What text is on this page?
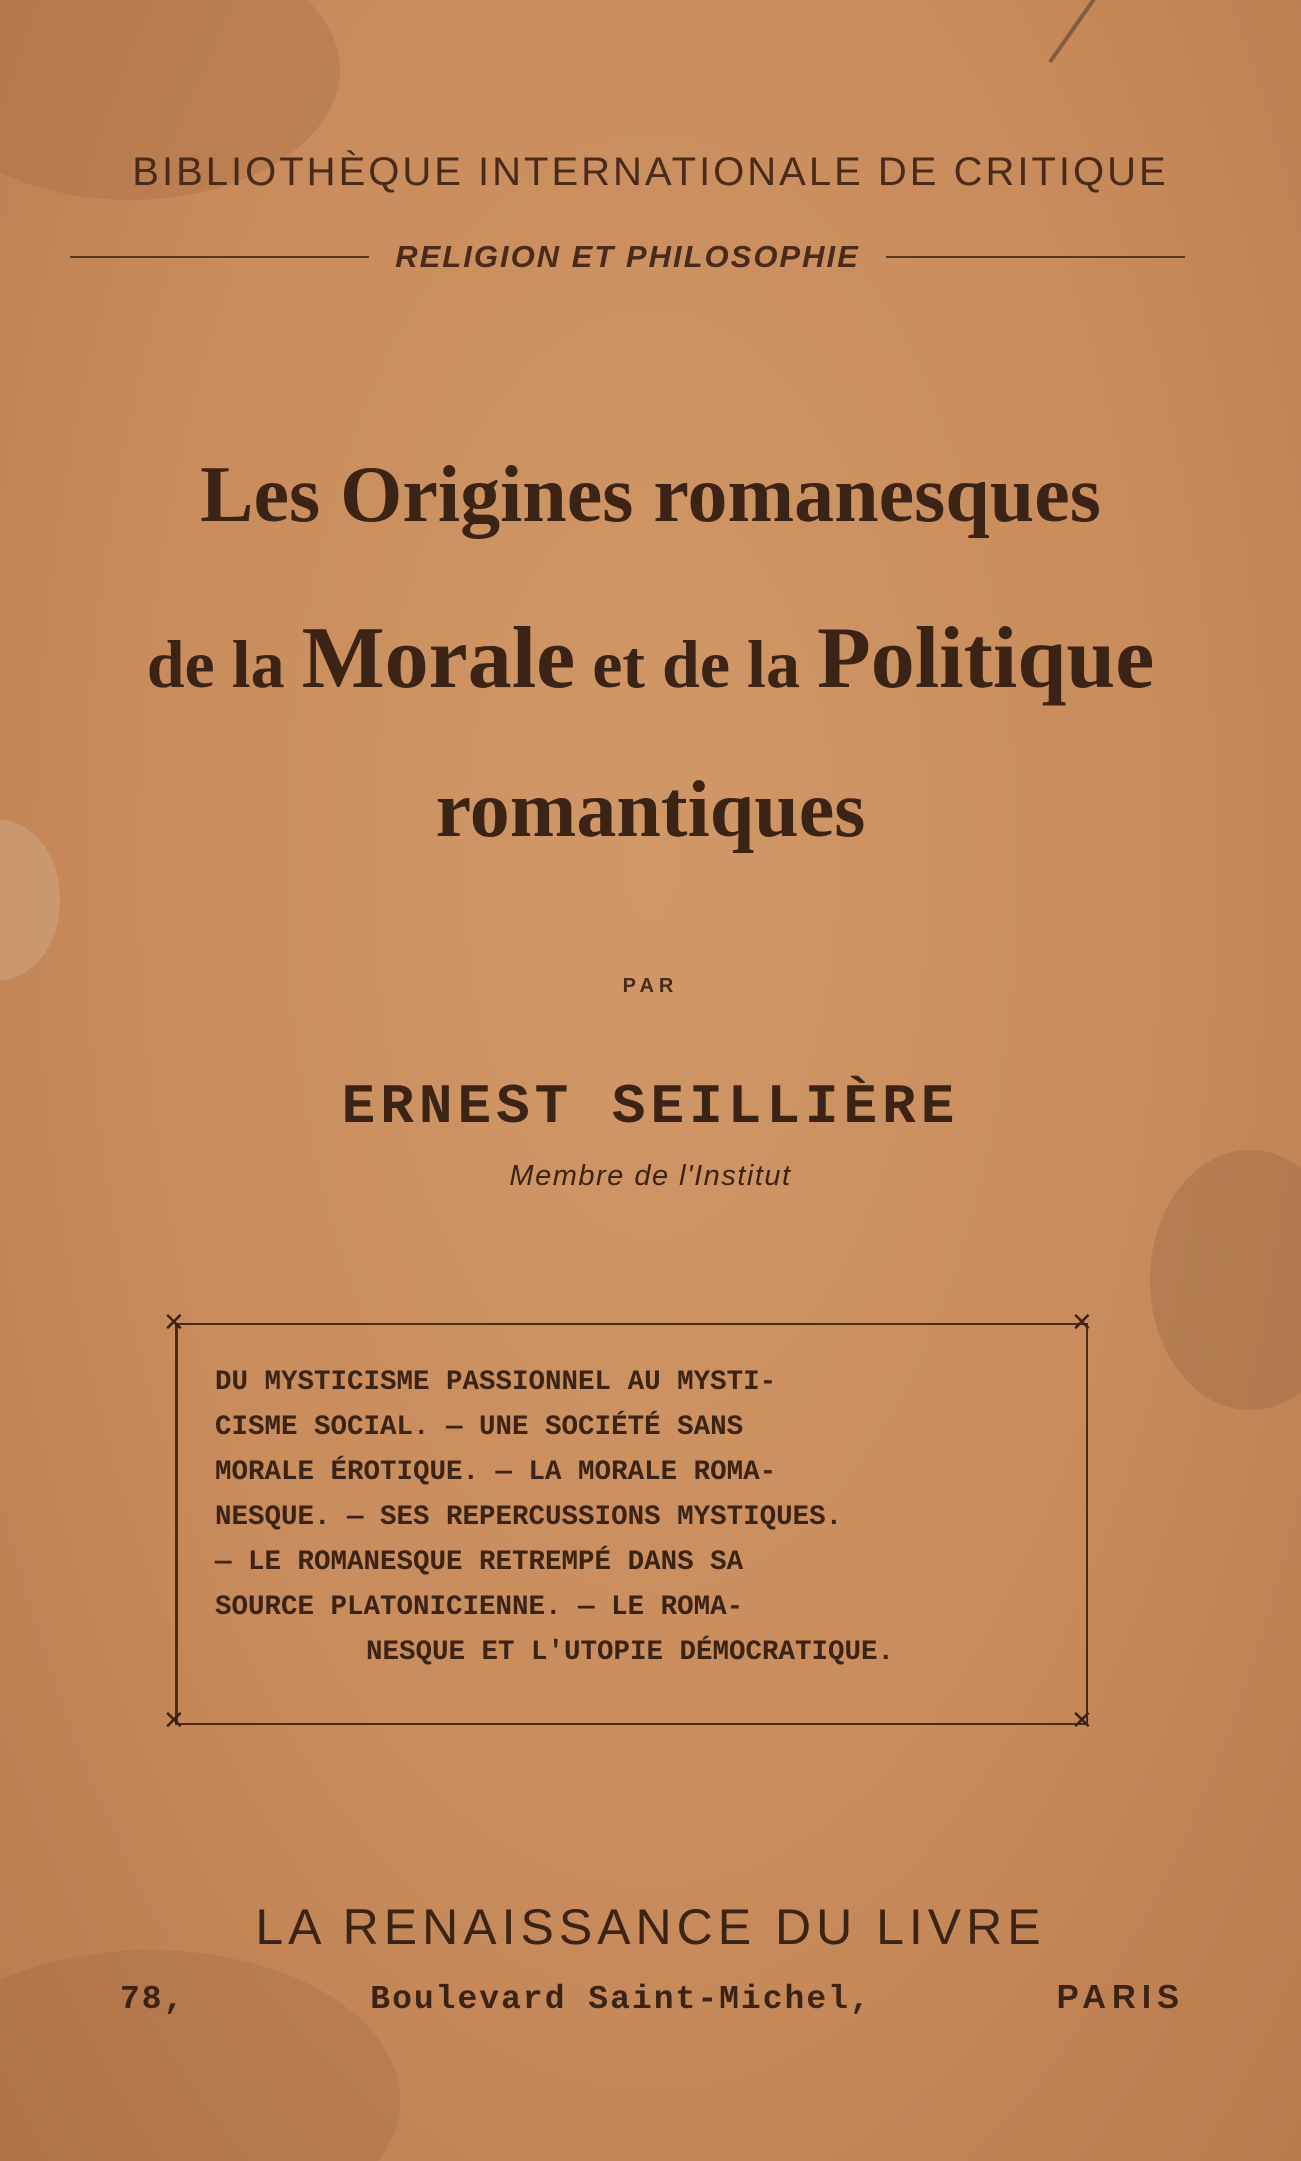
BIBLIOTHÈQUE INTERNATIONALE DE CRITIQUE
RELIGION ET PHILOSOPHIE
Les Origines romanesques
de la Morale et de la Politique
romantiques
PAR
ERNEST SEILLIÈRE
Membre de l'Institut
✕	✕
✕	✕
DU MYSTICISME PASSIONNEL AU MYSTI-
CISME SOCIAL. — UNE SOCIÉTÉ SANS
MORALE ÉROTIQUE. — LA MORALE ROMA-
NESQUE. — SES REPERCUSSIONS MYSTIQUES.
— LE ROMANESQUE RETREMPÉ DANS SA
SOURCE PLATONICIENNE. — LE ROMA-
NESQUE ET L'UTOPIE DÉMOCRATIQUE.
LA RENAISSANCE DU LIVRE
78,	Boulevard Saint-Michel,	PARIS
